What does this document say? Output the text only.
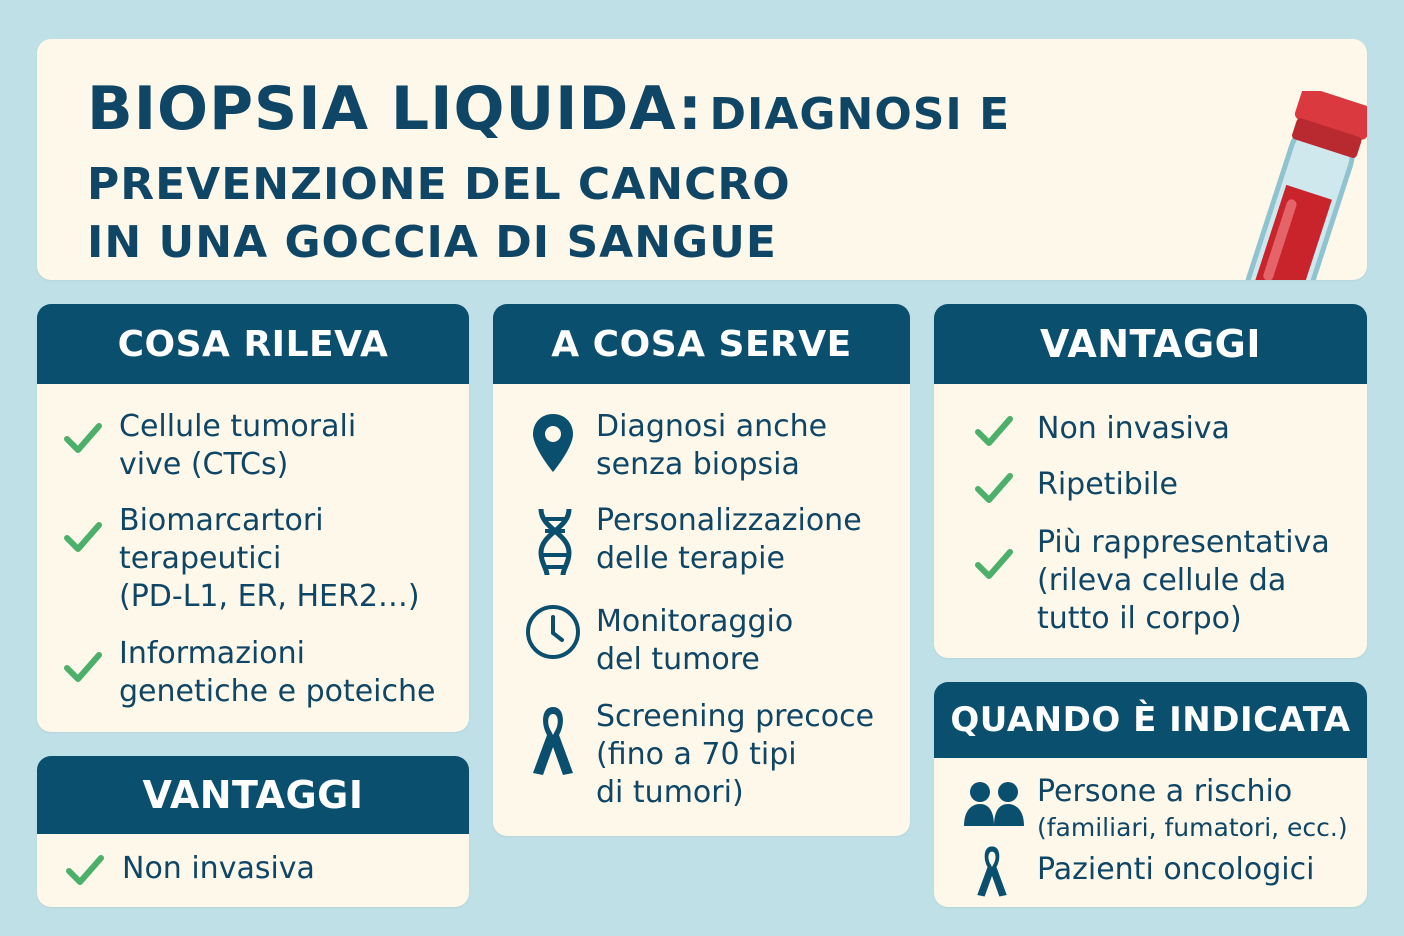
BIOPSIA LIQUIDA: DIAGNOSI E
PREVENZIONE DEL CANCRO
IN UNA GOCCIA DI SANGUE
COSA RILEVA
Cellule tumorali
vive (CTCs)
Biomarcartori
terapeutici
(PD-L1, ER, HER2…)
Informazioni
genetiche e poteiche
VANTAGGI
Non invasiva
A COSA SERVE
Diagnosi anche
senza biopsia
Personalizzazione
delle terapie
Monitoraggio
del tumore
Screening precoce
(fino a 70 tipi
di tumori)
VANTAGGI
Non invasiva
Ripetibile
Più rappresentativa
(rileva cellule da
tutto il corpo)
QUANDO È INDICATA
Persone a rischio
(familiari, fumatori, ecc.)
Pazienti oncologici
